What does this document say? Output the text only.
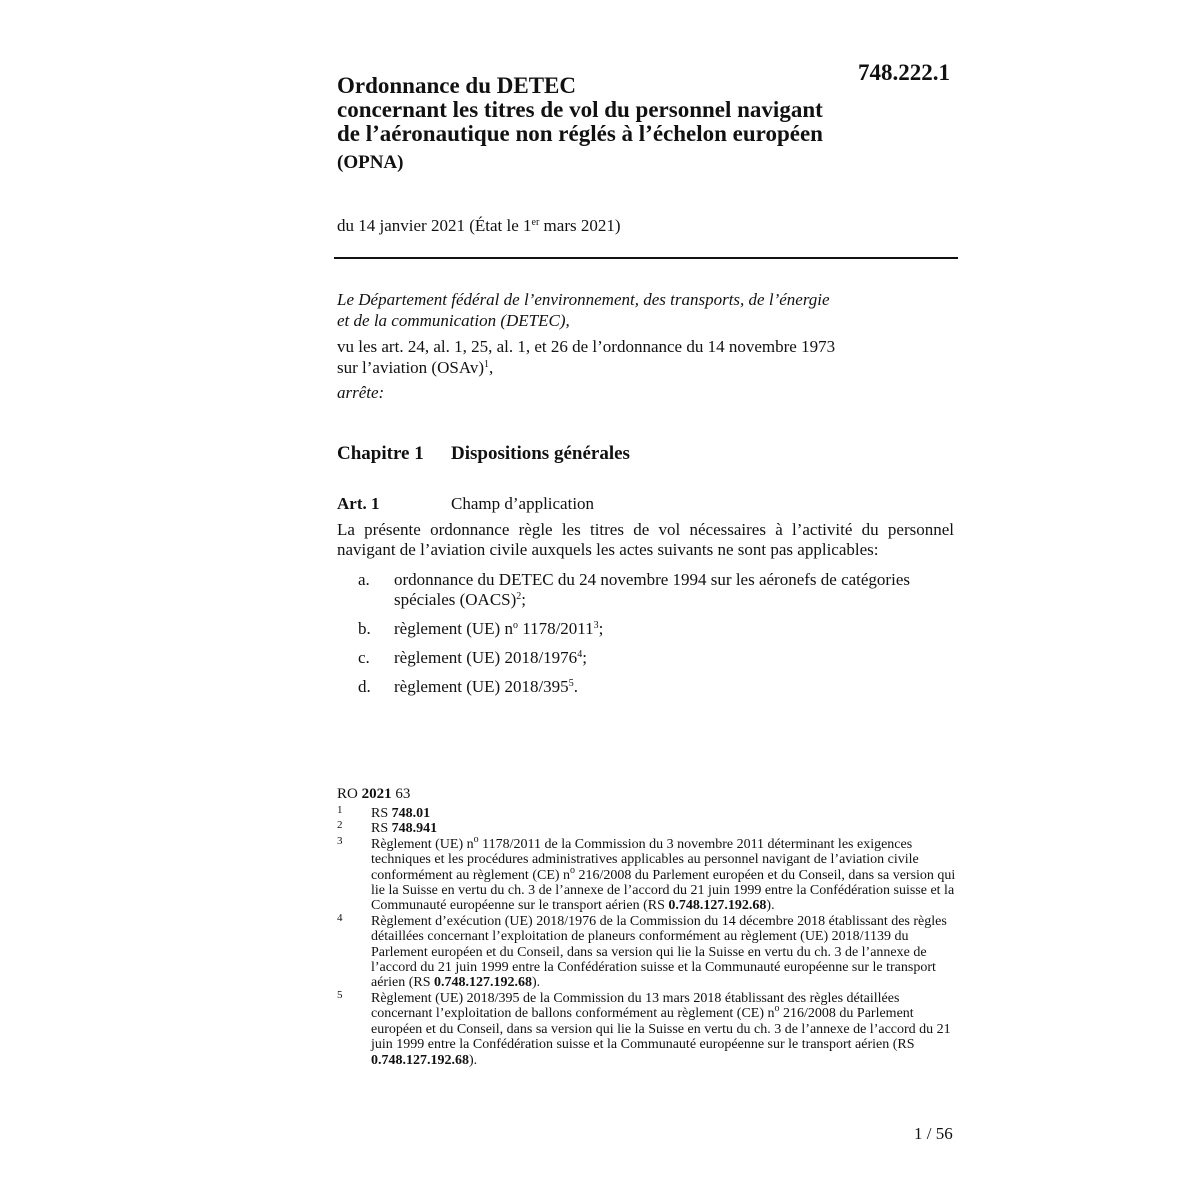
748.222.1
Ordonnance du DETEC
concernant les titres de vol du personnel navigant
de l’aéronautique non réglés à l’échelon européen
(OPNA)
du 14 janvier 2021 (État le 1er mars 2021)
Le Département fédéral de l’environnement, des transports, de l’énergie
et de la communication (DETEC),
vu les art. 24, al. 1, 25, al. 1, et 26 de l’ordonnance du 14 novembre 1973
sur l’aviation (OSAv)$^1$,
arrête:
Chapitre 1 Dispositions générales
Art. 1	Champ d’application
La présente ordonnance règle les titres de vol nécessaires à l’activité du personnel navigant de l’aviation civile auxquels les actes suivants ne sont pas applicables:
a. ordonnance du DETEC du 24 novembre 1994 sur les aéronefs de catégories spéciales (OACS)$^2$;
b. règlement (UE) n$^o$ 1178/2011$^3$;
c. règlement (UE) 2018/1976$^4$;
d. règlement (UE) 2018/395$^5$.
RO 2021 63
1 RS 748.01
2 RS 748.941
3 Règlement (UE) n$^o$ 1178/2011 de la Commission du 3 novembre 2011 déterminant les exigences techniques et les procédures administratives applicables au personnel navigant de l’aviation civile conformément au règlement (CE) n$^o$ 216/2008 du Parlement européen et du Conseil, dans sa version qui lie la Suisse en vertu du ch. 3 de l’annexe de l’accord du 21 juin 1999 entre la Confédération suisse et la Communauté européenne sur le transport aérien (RS 0.748.127.192.68).
4 Règlement d’exécution (UE) 2018/1976 de la Commission du 14 décembre 2018 établissant des règles détaillées concernant l’exploitation de planeurs conformément au règlement (UE) 2018/1139 du Parlement européen et du Conseil, dans sa version qui lie la Suisse en vertu du ch. 3 de l’annexe de l’accord du 21 juin 1999 entre la Confédération suisse et la Communauté européenne sur le transport aérien (RS 0.748.127.192.68).
5 Règlement (UE) 2018/395 de la Commission du 13 mars 2018 établissant des règles détaillées concernant l’exploitation de ballons conformément au règlement (CE) n$^o$ 216/2008 du Parlement européen et du Conseil, dans sa version qui lie la Suisse en vertu du ch. 3 de l’annexe de l’accord du 21 juin 1999 entre la Confédération suisse et la Communauté européenne sur le transport aérien (RS 0.748.127.192.68).
1 / 56
